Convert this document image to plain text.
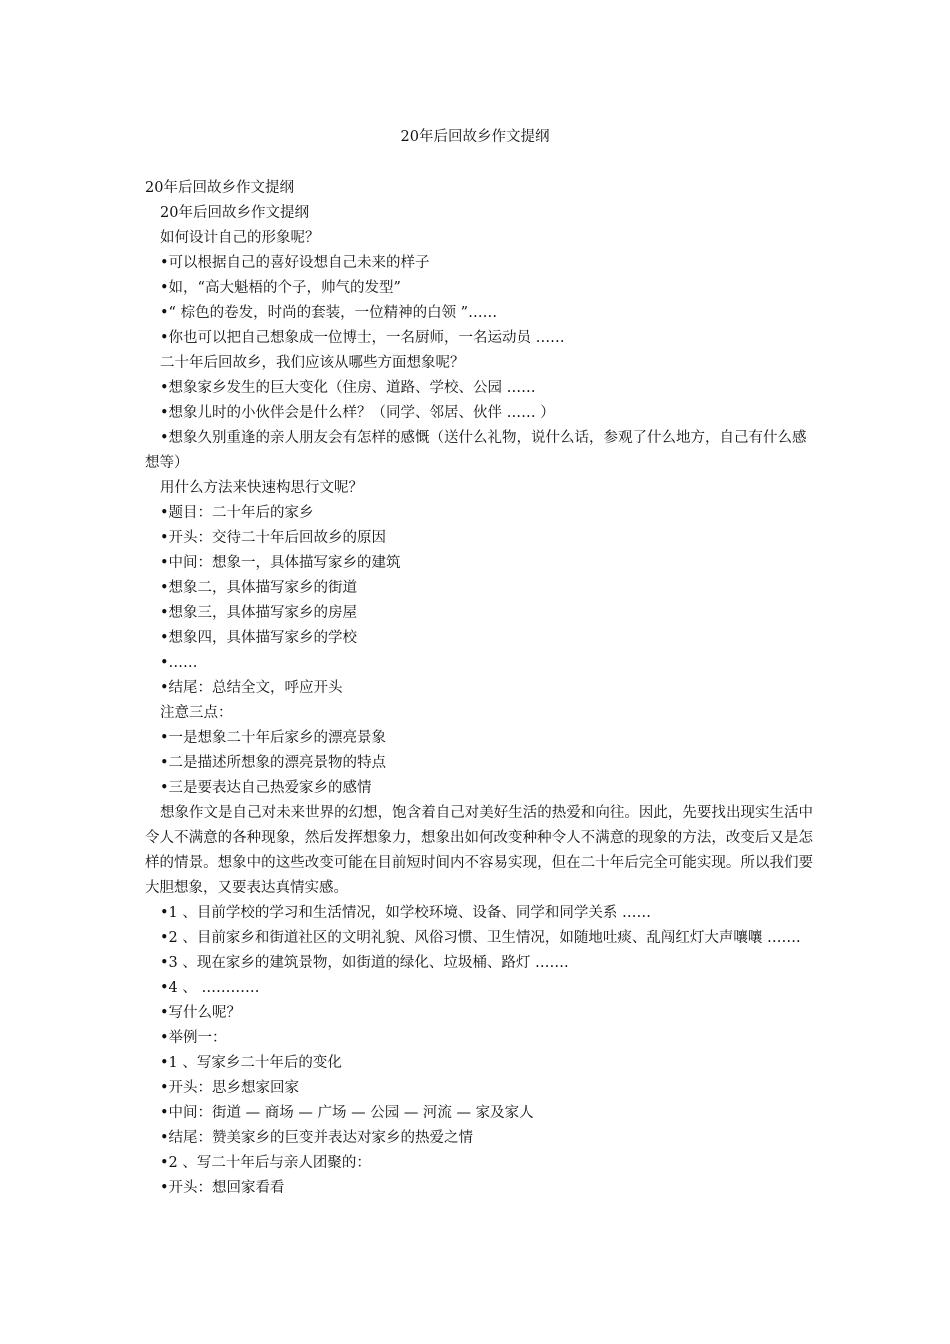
20年后回故乡作文提纲
20年后回故乡作文提纲
20年后回故乡作文提纲
如何设计自己的形象呢？
•可以根据自己的喜好设想自己未来的样子
•如，“高大魁梧的个子，帅气的发型”
•“ 棕色的卷发，时尚的套装，一位精神的白领 ”……
•你也可以把自己想象成一位博士，一名厨师，一名运动员 ……
二十年后回故乡，我们应该从哪些方面想象呢？
•想象家乡发生的巨大变化（住房、道路、学校、公园 ……
•想象儿时的小伙伴会是什么样？（同学、邻居、伙伴 …… ）
•想象久别重逢的亲人朋友会有怎样的感慨（送什么礼物，说什么话，参观了什么地方，自己有什么感想等）
用什么方法来快速构思行文呢？
•题目：二十年后的家乡
•开头：交待二十年后回故乡的原因
•中间：想象一，具体描写家乡的建筑
•想象二，具体描写家乡的街道
•想象三，具体描写家乡的房屋
•想象四，具体描写家乡的学校
•……
•结尾：总结全文，呼应开头
注意三点：
•一是想象二十年后家乡的漂亮景象
•二是描述所想象的漂亮景物的特点
•三是要表达自己热爱家乡的感情
想象作文是自己对未来世界的幻想，饱含着自己对美好生活的热爱和向往。因此，先要找出现实生活中令人不满意的各种现象，然后发挥想象力，想象出如何改变种种令人不满意的现象的方法，改变后又是怎样的情景。想象中的这些改变可能在目前短时间内不容易实现，但在二十年后完全可能实现。所以我们要大胆想象，又要表达真情实感。
•1 、目前学校的学习和生活情况，如学校环境、设备、同学和同学关系 ……
•2 、目前家乡和街道社区的文明礼貌、风俗习惯、卫生情况，如随地吐痰、乱闯红灯大声嚷嚷 …….
•3 、现在家乡的建筑景物，如街道的绿化、垃圾桶、路灯 …….
•4 、 …………
•写什么呢？
•举例一：
•1 、写家乡二十年后的变化
•开头：思乡想家回家
•中间：街道 — 商场 — 广场 — 公园 — 河流 — 家及家人
•结尾：赞美家乡的巨变并表达对家乡的热爱之情
•2 、写二十年后与亲人团聚的：
•开头：想回家看看
